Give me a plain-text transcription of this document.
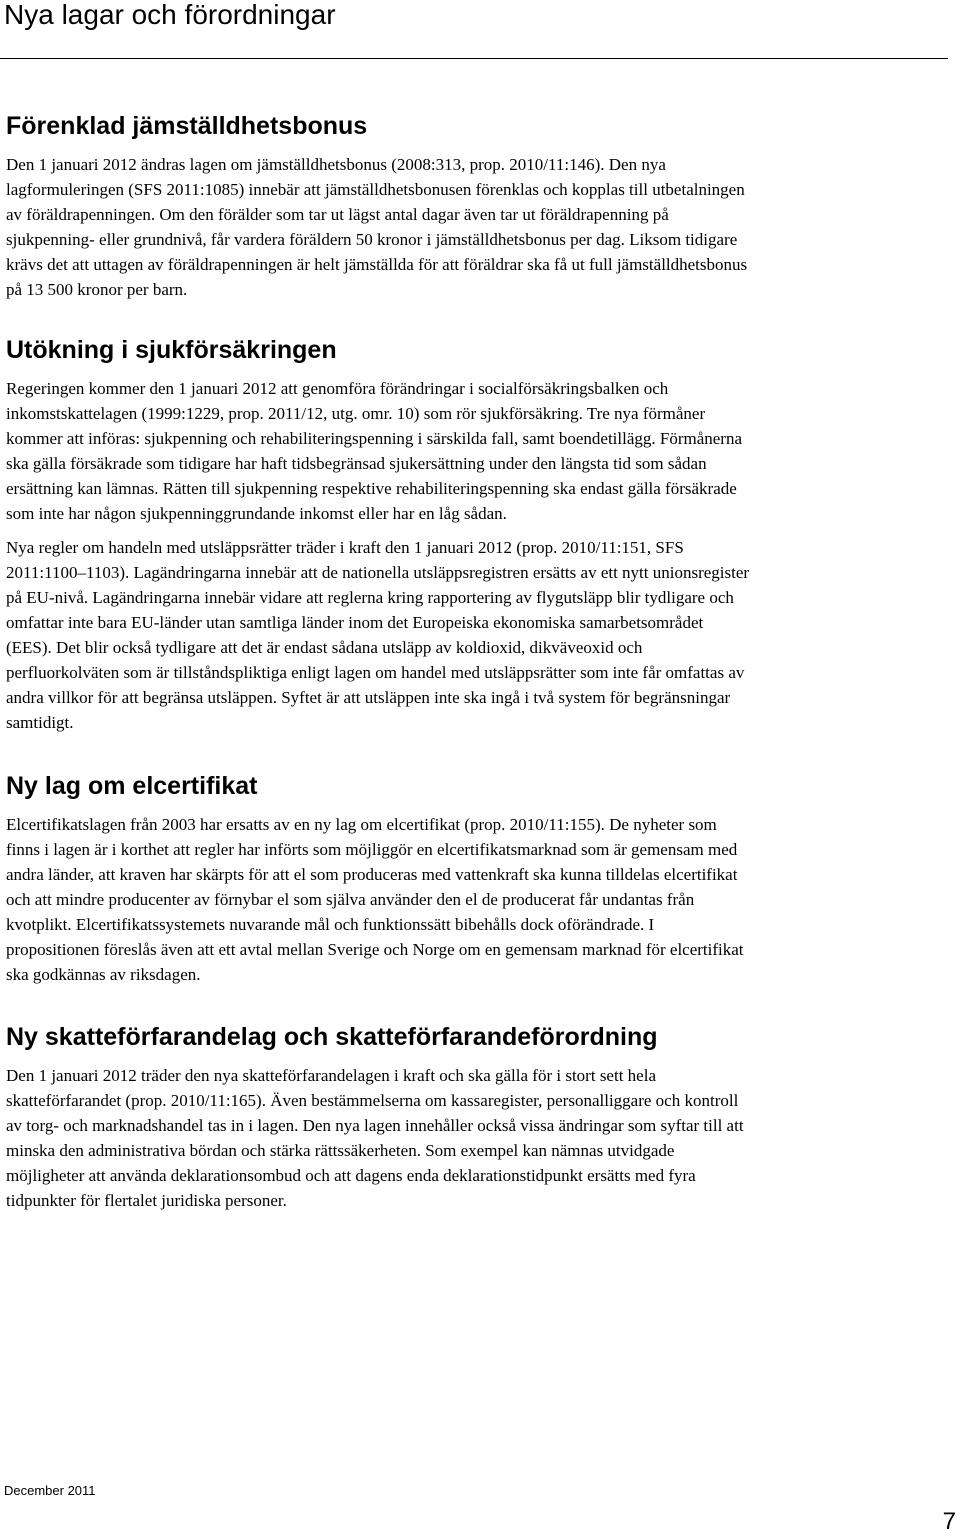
Nya lagar och förordningar
Förenklad jämställdhetsbonus

Den 1 januari 2012 ändras lagen om jämställdhetsbonus (2008:313, prop. 2010/11:146). Den nya lagformuleringen (SFS 2011:1085) innebär att jämställdhetsbonusen förenklas och kopplas till utbetalningen av föräldrapenningen. Om den förälder som tar ut lägst antal dagar även tar ut föräldrapenning på sjukpenning- eller grundnivå, får vardera föräldern 50 kronor i jämställdhetsbonus per dag. Liksom tidigare krävs det att uttagen av föräldrapenningen är helt jämställda för att föräldrar ska få ut full jämställdhetsbonus på 13 500 kronor per barn.

Utökning i sjukförsäkringen

Regeringen kommer den 1 januari 2012 att genomföra förändringar i socialförsäkringsbalken och inkomstskattelagen (1999:1229, prop. 2011/12, utg. omr. 10) som rör sjukförsäkring. Tre nya förmåner kommer att införas: sjukpenning och rehabiliteringspenning i särskilda fall, samt boendetillägg. Förmånerna ska gälla försäkrade som tidigare har haft tidsbegränsad sjukersättning under den längsta tid som sådan ersättning kan lämnas. Rätten till sjukpenning respektive rehabiliteringspenning ska endast gälla försäkrade som inte har någon sjukpenninggrundande inkomst eller har en låg sådan.

Nya regler om handeln med utsläppsrätter träder i kraft den 1 januari 2012 (prop. 2010/11:151, SFS 2011:1100–1103). Lagändringarna innebär att de nationella utsläppsregistren ersätts av ett nytt unionsregister på EU-nivå. Lagändringarna innebär vidare att reglerna kring rapportering av flygutsläpp blir tydligare och omfattar inte bara EU-länder utan samtliga länder inom det Europeiska ekonomiska samarbetsområdet (EES). Det blir också tydligare att det är endast sådana utsläpp av koldioxid, dikväveoxid och perfluorkolväten som är tillståndspliktiga enligt lagen om handel med utsläppsrätter som inte får omfattas av andra villkor för att begränsa utsläppen. Syftet är att utsläppen inte ska ingå i två system för begränsningar samtidigt.

Ny lag om elcertifikat

Elcertifikatslagen från 2003 har ersatts av en ny lag om elcertifikat (prop. 2010/11:155). De nyheter som finns i lagen är i korthet att regler har införts som möjliggör en elcertifikatsmarknad som är gemensam med andra länder, att kraven har skärpts för att el som produceras med vattenkraft ska kunna tilldelas elcertifikat och att mindre producenter av förnybar el som själva använder den el de producerat får undantas från kvotplikt. Elcertifikatssystemets nuvarande mål och funktionssätt bibehålls dock oförändrade. I propositionen föreslås även att ett avtal mellan Sverige och Norge om en gemensam marknad för elcertifikat ska godkännas av riksdagen.

Ny skatteförfarandelag och skatteförfarandeförordning

Den 1 januari 2012 träder den nya skatteförfarandelagen i kraft och ska gälla för i stort sett hela skatteförfarandet (prop. 2010/11:165). Även bestämmelserna om kassaregister, personalliggare och kontroll av torg- och marknadshandel tas in i lagen. Den nya lagen innehåller också vissa ändringar som syftar till att minska den administrativa bördan och stärka rättssäkerheten. Som exempel kan nämnas utvidgade möjligheter att använda deklarationsombud och att dagens enda deklarationstidpunkt ersätts med fyra tidpunkter för flertalet juridiska personer.

December 2011
7
